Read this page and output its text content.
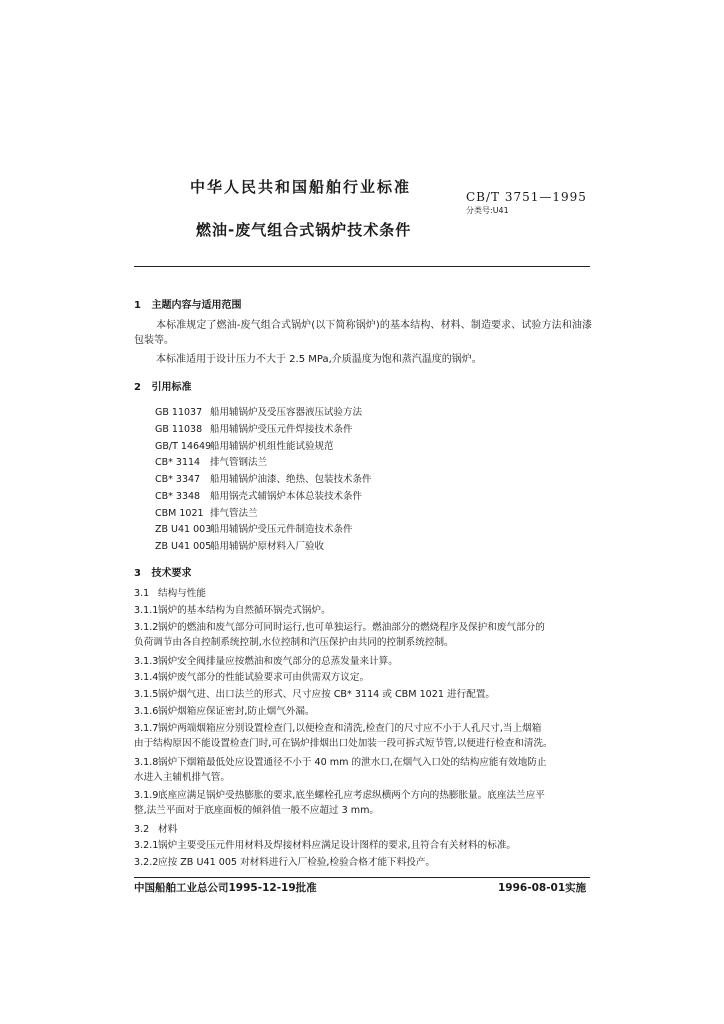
中华人民共和国船舶行业标准
CB/T 3751—1995
分类号:U41
燃油-废气组合式锅炉技术条件
1 主题内容与适用范围
本标准规定了燃油-废气组合式锅炉(以下简称锅炉)的基本结构、材料、制造要求、试验方法和油漆包装等。
本标准适用于设计压力不大于 2.5 MPa,介质温度为饱和蒸汽温度的锅炉。
2 引用标准
GB 11037 船用辅锅炉及受压容器液压试验方法
GB 11038 船用辅锅炉受压元件焊接技术条件
GB/T 14649 船用辅锅炉机组性能试验规范
CB* 3114 排气管钢法兰
CB* 3347 船用辅锅炉油漆、绝热、包装技术条件
CB* 3348 船用锅壳式辅锅炉本体总装技术条件
CBM 1021 排气管法兰
ZB U41 003 船用辅锅炉受压元件制造技术条件
ZB U41 005 船用辅锅炉原材料入厂验收
3 技术要求
3.1 结构与性能
3.1.1锅炉的基本结构为自然循环锅壳式锅炉。
3.1.2锅炉的燃油和废气部分可同时运行,也可单独运行。燃油部分的燃烧程序及保护和废气部分的
负荷调节由各自控制系统控制,水位控制和汽压保护由共同的控制系统控制。
3.1.3锅炉安全阀排量应按燃油和废气部分的总蒸发量来计算。
3.1.4锅炉废气部分的性能试验要求可由供需双方议定。
3.1.5锅炉烟气进、出口法兰的形式、尺寸应按 CB* 3114 或 CBM 1021 进行配置。
3.1.6锅炉烟箱应保证密封,防止烟气外漏。
3.1.7锅炉两端烟箱应分别设置检查门,以便检查和清洗,检查门的尺寸应不小于人孔尺寸,当上烟箱
由于结构原因不能设置检查门时,可在锅炉排烟出口处加装一段可拆式短节管,以便进行检查和清洗。
3.1.8锅炉下烟箱最低处应设置通径不小于 40 mm 的泄水口,在烟气入口处的结构应能有效地防止
水进入主辅机排气管。
3.1.9底座应满足锅炉受热膨胀的要求,底坐螺栓孔应考虑纵横两个方向的热膨胀量。底座法兰应平
整,法兰平面对于底座面板的倾斜值一般不应超过 3 mm。
3.2 材料
3.2.1锅炉主要受压元件用材料及焊接材料应满足设计图样的要求,且符合有关材料的标准。
3.2.2应按 ZB U41 005 对材料进行入厂检验,检验合格才能下料投产。
中国船舶工业总公司1995-12-19批准	1996-08-01实施
